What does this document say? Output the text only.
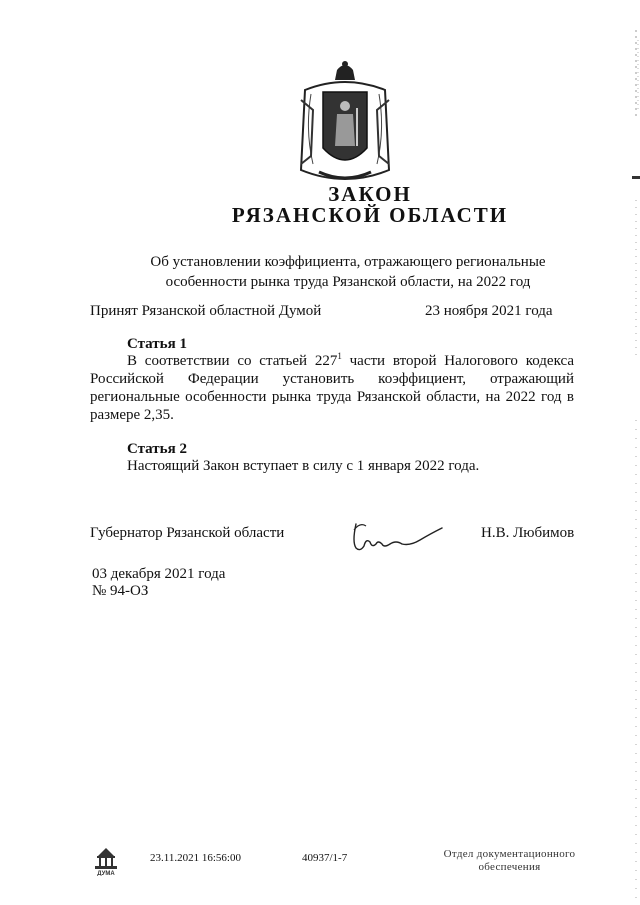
ЗАКОН
РЯЗАНСКОЙ ОБЛАСТИ
Об установлении коэффициента, отражающего региональные
особенности рынка труда Рязанской области, на 2022 год
Принят Рязанской областной Думой	23 ноября 2021 года
Статья 1

В соответствии со статьей $227^1$ части второй Налогового кодекса Российской Федерации установить коэффициент, отражающий региональные особенности рынка труда Рязанской области, на 2022 год в размере 2,35.

Статья 2
Настоящий Закон вступает в силу с 1 января 2022 года.
Губернатор Рязанской области	Н.В. Любимов
03 декабря 2021 года
№ 94-ОЗ
ДУМА
23.11.2021 16:56:00	40937/1-7	Отдел документационного
обеспечения
